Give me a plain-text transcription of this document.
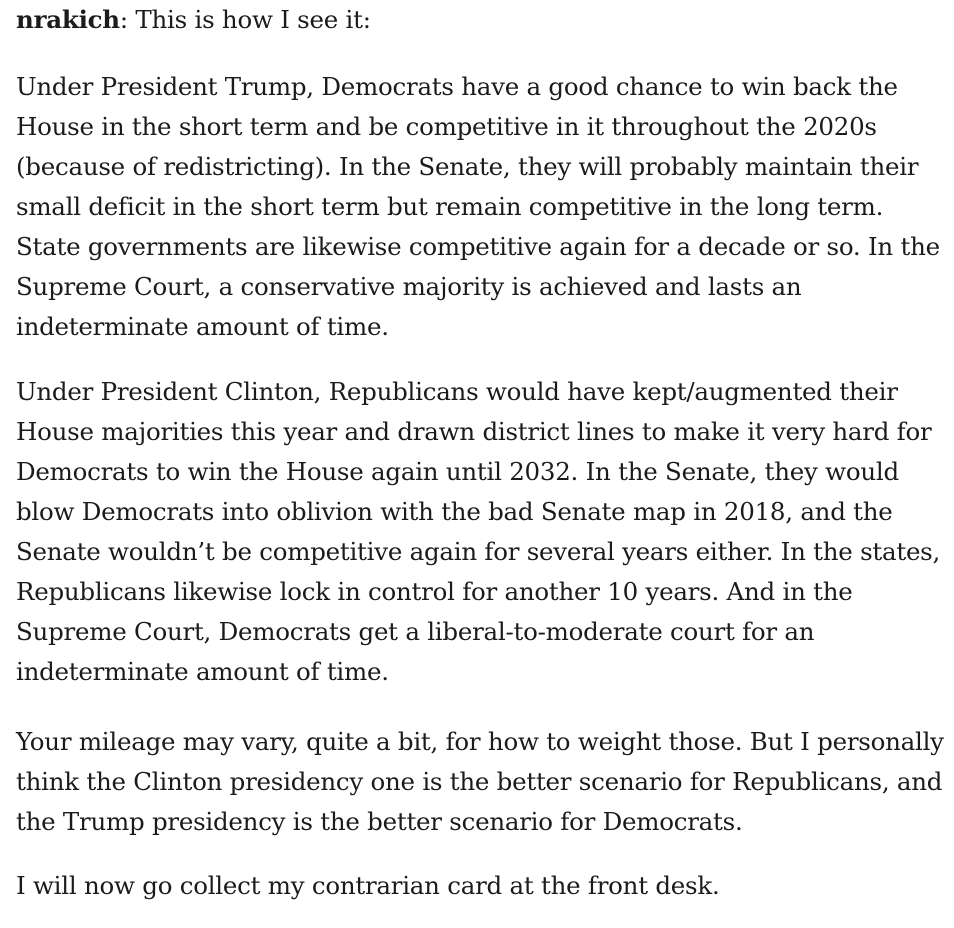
nrakich: This is how I see it:

Under President Trump, Democrats have a good chance to win back the House in the short term and be competitive in it throughout the 2020s (because of redistricting). In the Senate, they will probably maintain their small deficit in the short term but remain competitive in the long term. State governments are likewise competitive again for a decade or so. In the Supreme Court, a conservative majority is achieved and lasts an indeterminate amount of time.

Under President Clinton, Republicans would have kept/augmented their House majorities this year and drawn district lines to make it very hard for Democrats to win the House again until 2032. In the Senate, they would blow Democrats into oblivion with the bad Senate map in 2018, and the Senate wouldn’t be competitive again for several years either. In the states, Republicans likewise lock in control for another 10 years. And in the Supreme Court, Democrats get a liberal-to-moderate court for an indeterminate amount of time.

Your mileage may vary, quite a bit, for how to weight those. But I personally think the Clinton presidency one is the better scenario for Republicans, and the Trump presidency is the better scenario for Democrats.

I will now go collect my contrarian card at the front desk.
